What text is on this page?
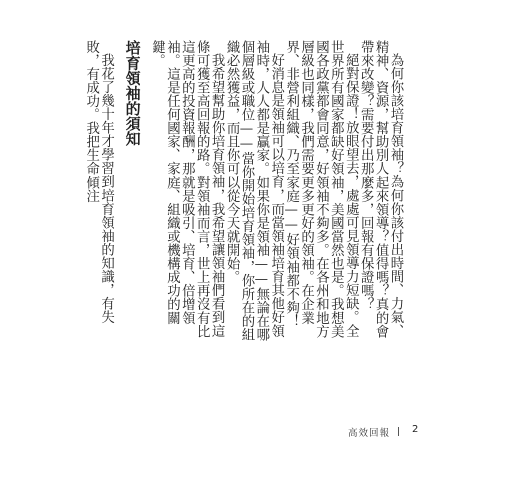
為何你該培育領袖？為何你該付出時間、力氣、精神、資源，幫助別人起來領導？值得嗎？真的會帶來改變？需要付出那麼多，回報有保證嗎？

絕對保證！放眼望去，處處可見領導力短缺。全世界所有國家都缺好領袖，美國當然也是。我想美國各政黨都會同意，好領袖不夠多。在各州和地方層級也同樣，我們需要更多更好的領袖。在企業界、非營利組織、乃至家庭——好領袖都不夠！

好消息是領袖可以培育，而當領袖培育其他好領袖時，人人都是贏家。如果你是領袖——無論在哪個層級或職位——當你開始培育領袖，你所在的組織必然獲益，而且你可以從今天就開始。

我希望幫助你培育領袖，我希望讓領袖們看到這條可獲至高回報的路。對領袖而言，世上再沒有比這更高的投資報酬，那就是吸引、培育、倍增領袖。這是任何國家、家庭、組織或機構成功的關鍵。

培育領袖的須知

我花了幾十年才學習到培育領袖的知識，有失敗，有成功。我把生命傾注

高效回報 2
